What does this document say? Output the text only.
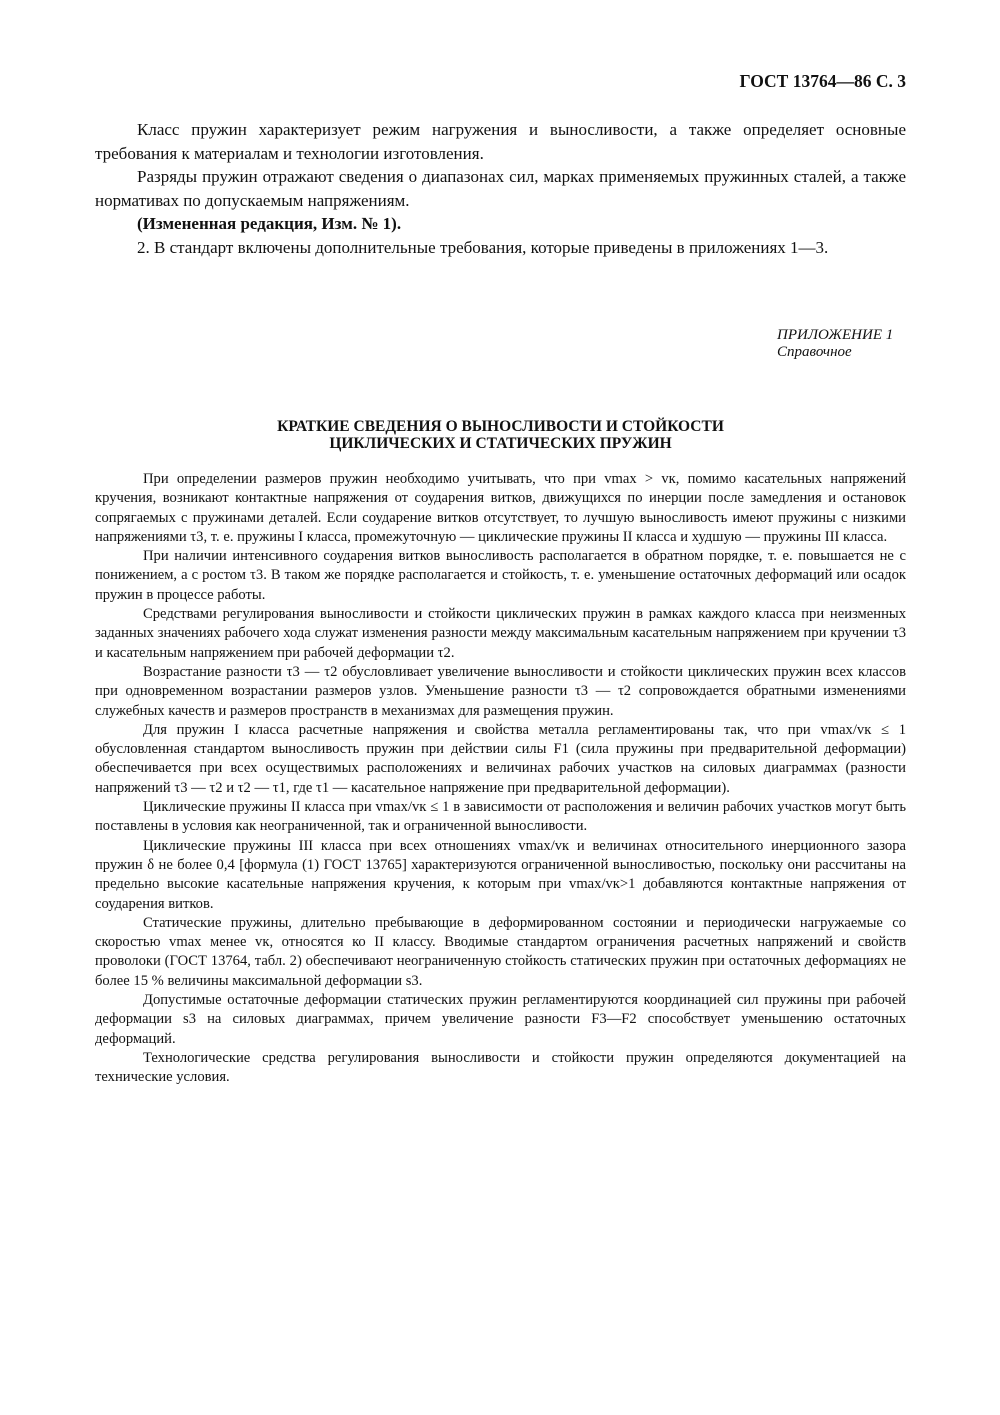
ГОСТ 13764—86 С. 3

Класс пружин характеризует режим нагружения и выносливости, а также определяет основные требования к материалам и технологии изготовления.

Разряды пружин отражают сведения о диапазонах сил, марках применяемых пружинных сталей, а также нормативах по допускаемым напряжениям.

(Измененная редакция, Изм. № 1).

2. В стандарт включены дополнительные требования, которые приведены в приложениях 1—3.

ПРИЛОЖЕНИЕ 1
Справочное
КРАТКИЕ СВЕДЕНИЯ О ВЫНОСЛИВОСТИ И СТОЙКОСТИ
ЦИКЛИЧЕСКИХ И СТАТИЧЕСКИХ ПРУЖИН

При определении размеров пружин необходимо учитывать, что при vmax > vк, помимо касательных напряжений кручения, возникают контактные напряжения от соударения витков, движущихся по инерции после замедления и остановок сопрягаемых с пружинами деталей. Если соударение витков отсутствует, то лучшую выносливость имеют пружины с низкими напряжениями τ3, т. е. пружины I класса, промежуточную — циклические пружины II класса и худшую — пружины III класса.

При наличии интенсивного соударения витков выносливость располагается в обратном порядке, т. е. повышается не с понижением, а с ростом τ3. В таком же порядке располагается и стойкость, т. е. уменьшение остаточных деформаций или осадок пружин в процессе работы.

Средствами регулирования выносливости и стойкости циклических пружин в рамках каждого класса при неизменных заданных значениях рабочего хода служат изменения разности между максимальным касательным напряжением при кручении τ3 и касательным напряжением при рабочей деформации τ2.

Возрастание разности τ3 — τ2 обусловливает увеличение выносливости и стойкости циклических пружин всех классов при одновременном возрастании размеров узлов. Уменьшение разности τ3 — τ2 сопровождается обратными изменениями служебных качеств и размеров пространств в механизмах для размещения пружин.

Для пружин I класса расчетные напряжения и свойства металла регламентированы так, что при vmax/vк ≤ 1 обусловленная стандартом выносливость пружин при действии силы F1 (сила пружины при предварительной деформации) обеспечивается при всех осуществимых расположениях и величинах рабочих участков на силовых диаграммах (разности напряжений τ3 — τ2 и τ2 — τ1, где τ1 — касательное напряжение при предварительной деформации).

Циклические пружины II класса при vmax/vк ≤ 1 в зависимости от расположения и величин рабочих участков могут быть поставлены в условия как неограниченной, так и ограниченной выносливости.

Циклические пружины III класса при всех отношениях vmax/vк и величинах относительного инерционного зазора пружин δ не более 0,4 [формула (1) ГОСТ 13765] характеризуются ограниченной выносливостью, поскольку они рассчитаны на предельно высокие касательные напряжения кручения, к которым при vmax/vк>1 добавляются контактные напряжения от соударения витков.

Статические пружины, длительно пребывающие в деформированном состоянии и периодически нагружаемые со скоростью vmax менее vк, относятся ко II классу. Вводимые стандартом ограничения расчетных напряжений и свойств проволоки (ГОСТ 13764, табл. 2) обеспечивают неограниченную стойкость статических пружин при остаточных деформациях не более 15 % величины максимальной деформации s3.

Допустимые остаточные деформации статических пружин регламентируются координацией сил пружины при рабочей деформации s3 на силовых диаграммах, причем увеличение разности F3—F2 способствует уменьшению остаточных деформаций.

Технологические средства регулирования выносливости и стойкости пружин определяются документацией на технические условия.
